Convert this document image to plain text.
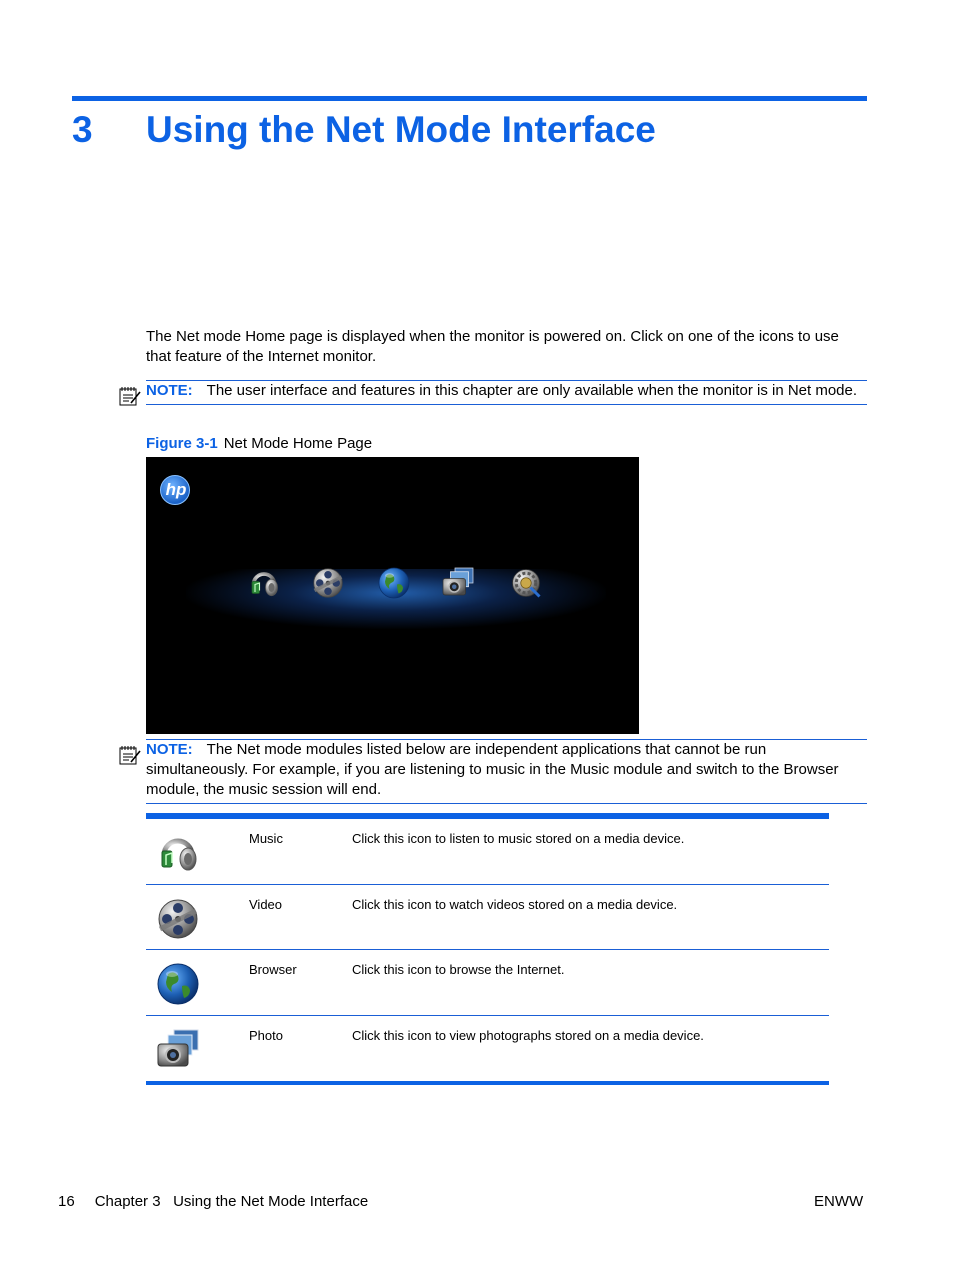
3 Using the Net Mode Interface
The Net mode Home page is displayed when the monitor is powered on. Click on one of the icons to use that feature of the Internet monitor.
NOTE: The user interface and features in this chapter are only available when the monitor is in Net mode.
Figure 3-1 Net Mode Home Page
hp
NOTE: The Net mode modules listed below are independent applications that cannot be run simultaneously. For example, if you are listening to music in the Music module and switch to the Browser module, the music session will end.
Music	Click this icon to listen to music stored on a media device.
Video	Click this icon to watch videos stored on a media device.
Browser	Click this icon to browse the Internet.
Photo	Click this icon to view photographs stored on a media device.
16 Chapter 3   Using the Net Mode Interface	ENWW
